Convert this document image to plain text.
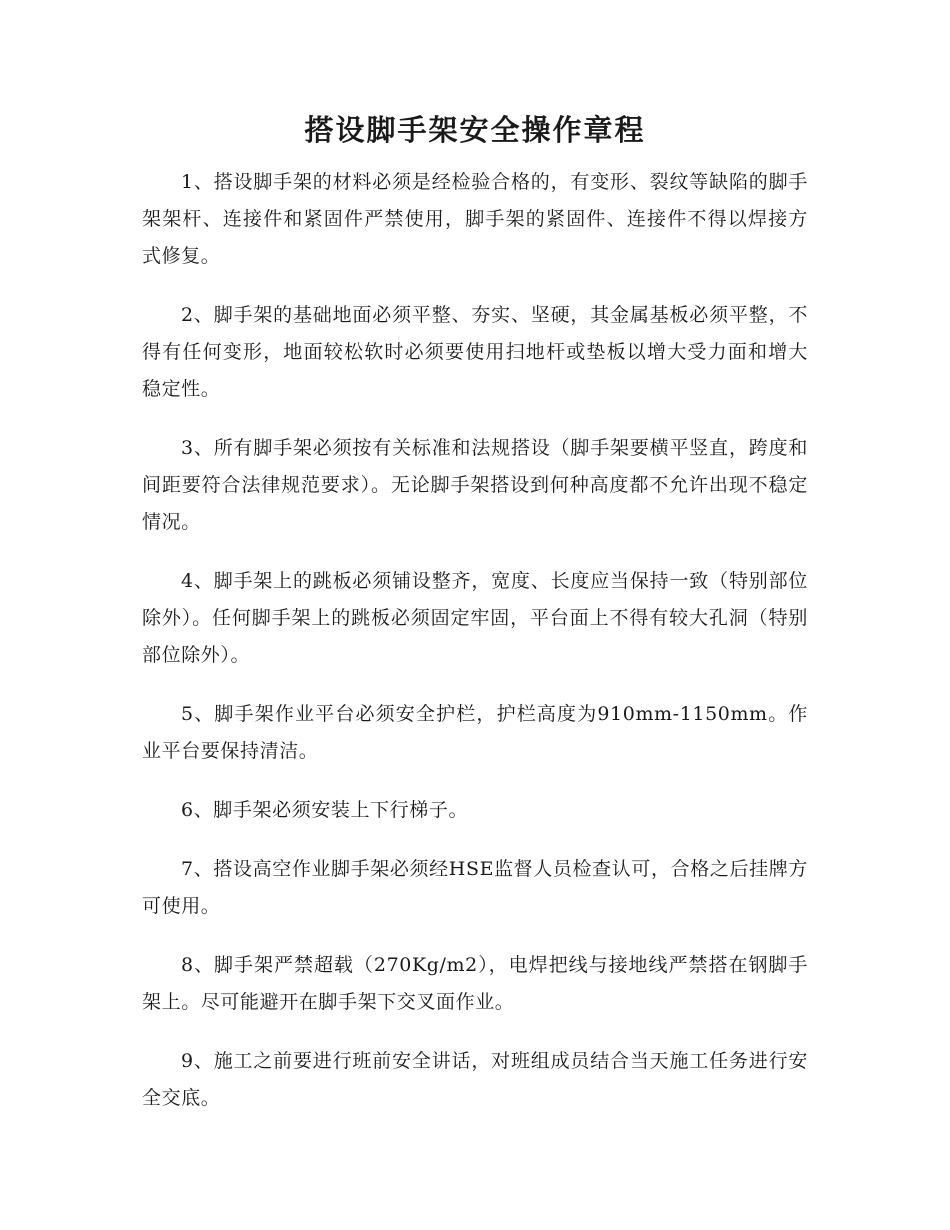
搭设脚手架安全操作章程

1、搭设脚手架的材料必须是经检验合格的，有变形、裂纹等缺陷的脚手架架杆、连接件和紧固件严禁使用，脚手架的紧固件、连接件不得以焊接方式修复。

2、脚手架的基础地面必须平整、夯实、坚硬，其金属基板必须平整，不得有任何变形，地面较松软时必须要使用扫地杆或垫板以增大受力面和增大稳定性。

3、所有脚手架必须按有关标准和法规搭设（脚手架要横平竖直，跨度和间距要符合法律规范要求）。无论脚手架搭设到何种高度都不允许出现不稳定情况。

4、脚手架上的跳板必须铺设整齐，宽度、长度应当保持一致（特别部位除外）。任何脚手架上的跳板必须固定牢固，平台面上不得有较大孔洞（特别部位除外）。

5、脚手架作业平台必须安全护栏，护栏高度为910mm-1150mm。作业平台要保持清洁。

6、脚手架必须安装上下行梯子。

7、搭设高空作业脚手架必须经HSE监督人员检查认可，合格之后挂牌方可使用。

8、脚手架严禁超载（270Kg/m2），电焊把线与接地线严禁搭在钢脚手架上。尽可能避开在脚手架下交叉面作业。

9、施工之前要进行班前安全讲话，对班组成员结合当天施工任务进行安全交底。
